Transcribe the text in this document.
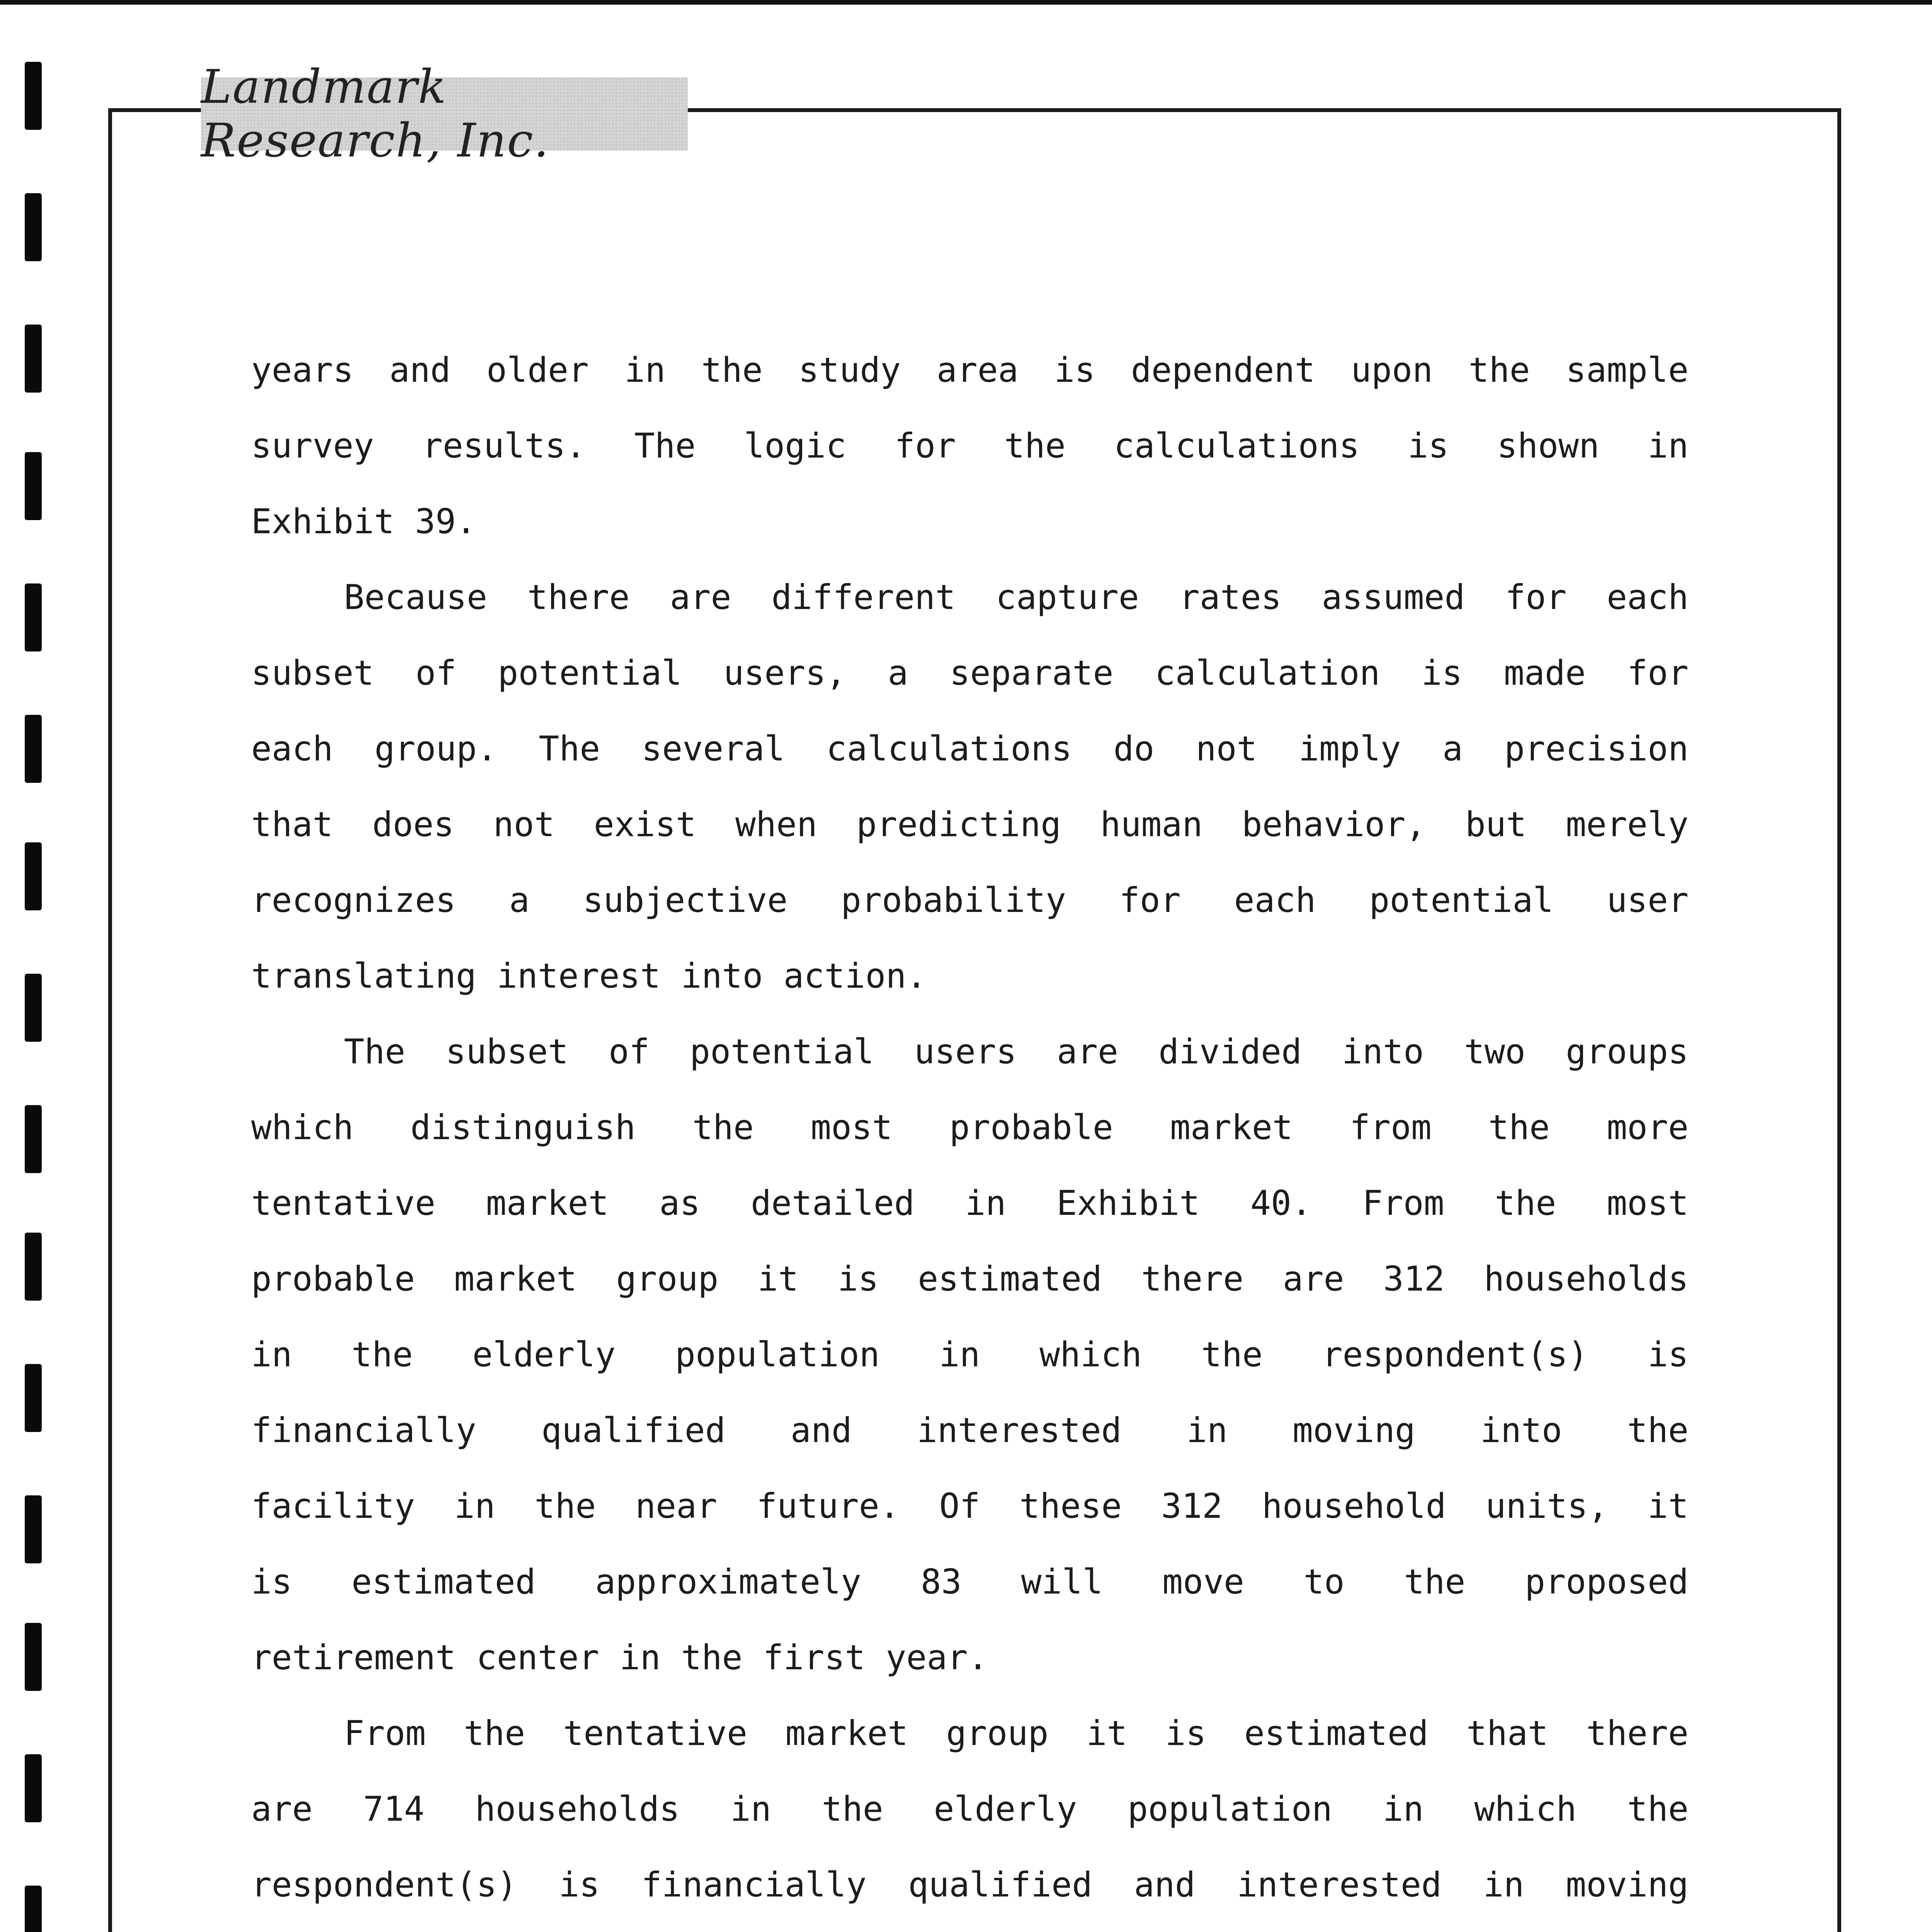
Landmark Research, Inc.

years and older in the study area is dependent upon the sample
survey results. The logic for the calculations is shown in
Exhibit 39.

Because there are different capture rates assumed for each
subset of potential users, a separate calculation is made for
each group. The several calculations do not imply a precision
that does not exist when predicting human behavior, but merely
recognizes a subjective probability for each potential user
translating interest into action.

The subset of potential users are divided into two groups
which distinguish the most probable market from the more
tentative market as detailed in Exhibit 40. From the most
probable market group it is estimated there are 312 households
in the elderly population in which the respondent(s) is
financially qualified and interested in moving into the
facility in the near future. Of these 312 household units, it
is estimated approximately 83 will move to the proposed
retirement center in the first year.

From the tentative market group it is estimated that there
are 714 households in the elderly population in which the
respondent(s) is financially qualified and interested in moving
